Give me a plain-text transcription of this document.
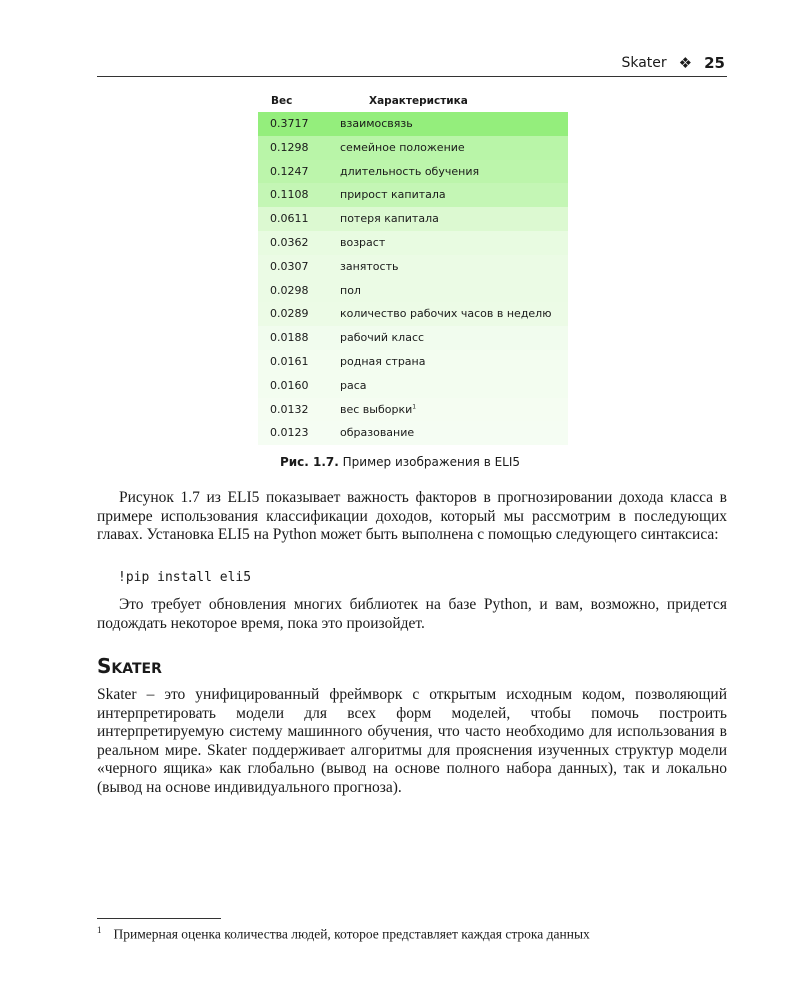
Skater ❖ 25
Вес	Характеристика
0.3717	взаимосвязь
0.1298	семейное положение
0.1247	длительность обучения
0.1108	прирост капитала
0.0611	потеря капитала
0.0362	возраст
0.0307	занятость
0.0298	пол
0.0289	количество рабочих часов в неделю
0.0188	рабочий класс
0.0161	родная страна
0.0160	раса
0.0132	вес выборки$^1$
0.0123	образование
Рис. 1.7. Пример изображения в ELI5
Рисунок 1.7 из ELI5 показывает важность факторов в прогнозировании дохода класса в примере использования классификации доходов, который мы рассмотрим в последующих главах. Установка ELI5 на Python может быть выполнена с помощью следующего синтаксиса:
!pip install eli5
Это требует обновления многих библиотек на базе Python, и вам, возможно, придется подождать некоторое время, пока это произойдет.
Skater
Skater – это унифицированный фреймворк с открытым исходным кодом, позволяющий интерпретировать модели для всех форм моделей, чтобы помочь построить интерпретируемую систему машинного обучения, что часто необходимо для использования в реальном мире. Skater поддерживает алгоритмы для прояснения изученных структур модели «черного ящика» как глобально (вывод на основе полного набора данных), так и локально (вывод на основе индивидуального прогноза).
$^1$ Примерная оценка количества людей, которое представляет каждая строка данных
